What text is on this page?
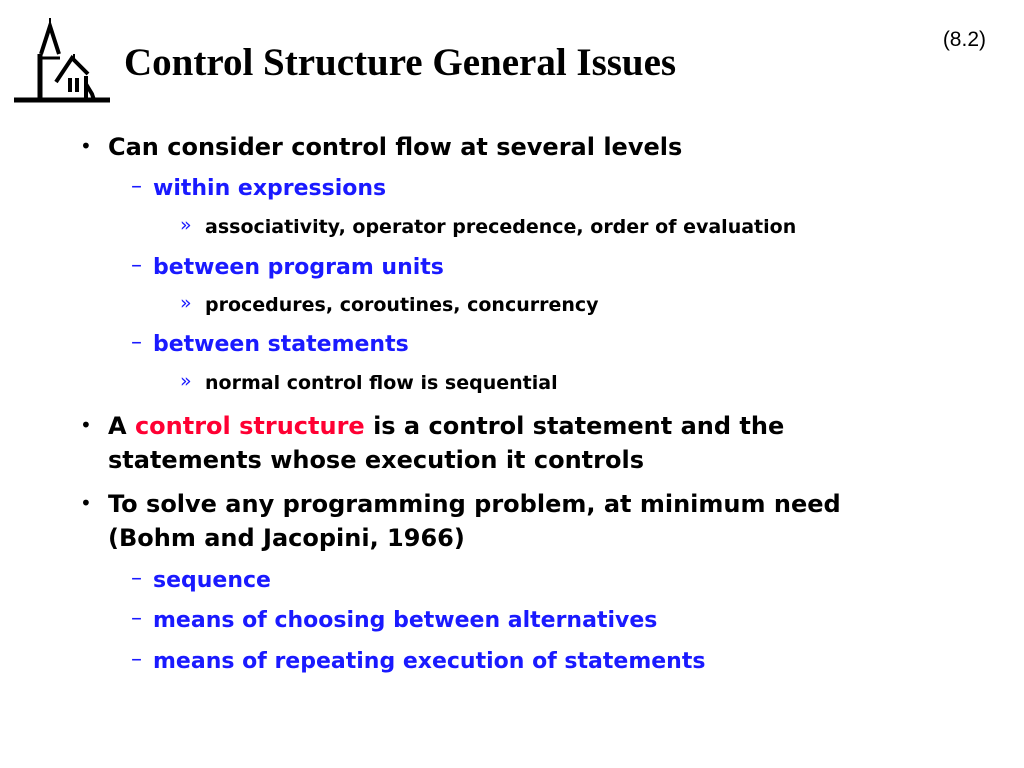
Control Structure General Issues
(8.2)
• Can consider control flow at several levels

– within expressions

» associativity, operator precedence, order of evaluation

– between program units

» procedures, coroutines, concurrency

– between statements

» normal control flow is sequential

• A control structure is a control statement and the

statements whose execution it controls

• To solve any programming problem, at minimum need

(Bohm and Jacopini, 1966)

– sequence

– means of choosing between alternatives

– means of repeating execution of statements
